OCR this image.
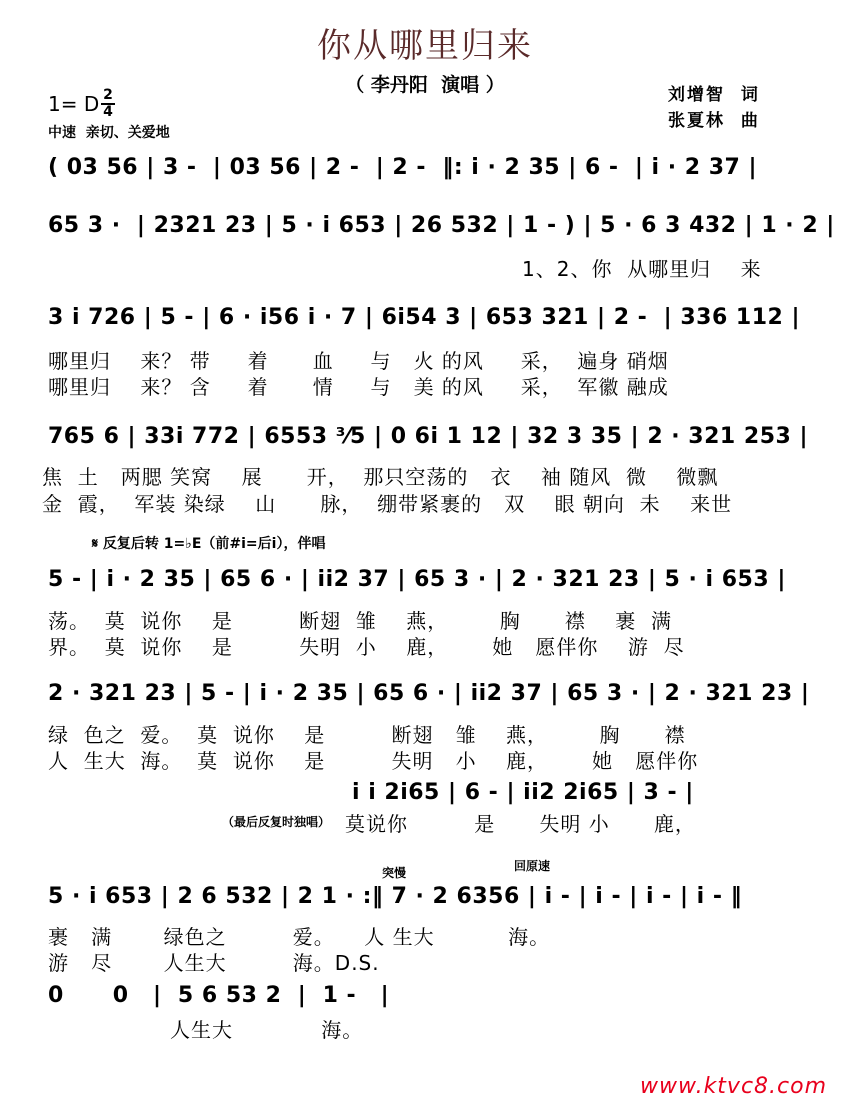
你从哪里归来
（ 李丹阳  演唱 ）	刘增智  词
张夏林  曲
1= D 2
4
中速  亲切、关爱地
( 03 56 | 3 -  | 03 56 | 2 -  | 2 -  ‖: i · 2 35 | 6 -  | i · 2 37 |
65 3 ·  | 2321 23 | 5 · i 653 | 26 532 | 1 - ) | 5 · 6 3 432 | 1 · 2 |
1、2、你  从哪里归    来
3 i 726 | 5 - | 6 · i56 i · 7 | 6i54 3 | 653 321 | 2 -  | 336 112 |
哪里归    来？ 带     着      血     与   火 的风     采，  遍身 硝烟
哪里归    来？ 含     着      情     与   美 的风     采，  军徽 融成
765 6 | 33i 772 | 6553 ³⁄5 | 0 6i 1 12 | 32 3 35 | 2 · 321 253 |
焦  土   两腮 笑窝    展      开，  那只空荡的   衣    袖 随风  微    微飘
金  霞，  军装 染绿    山      脉，  绷带紧裹的   双    眼 朝向  未    来世
𝄋 反复后转 1=♭E（前#i=后i），伴唱
5 - | i · 2 35 | 65 6 · | ii2 37 | 65 3 · | 2 · 321 23 | 5 · i 653 |
荡。  莫  说你    是         断翅  雏    燕，       胸      襟    裹  满
界。  莫  说你    是         失明  小    鹿，      她   愿伴你    游  尽
2 · 321 23 | 5 - | i · 2 35 | 65 6 · | ii2 37 | 65 3 · | 2 · 321 23 |
绿  色之  爱。  莫  说你    是         断翅   雏    燕，       胸      襟
人  生大  海。  莫  说你    是         失明   小    鹿，      她   愿伴你
i i 2i65 | 6 - | ii2 2i65 | 3 - |
（最后反复时独唱） 莫说你         是      失明 小      鹿，
突慢	回原速
5 · i 653 | 2 6 532 | 2 1 · :‖ 7 · 2 6356 | i - | i - | i - | i - ‖
裹   满       绿色之         爱。    人 生大          海。
游   尽       人生大         海。D.S.
0      0   |  5 6 53 2  |  1 -   |
人生大            海。
www.ktvc8.com
